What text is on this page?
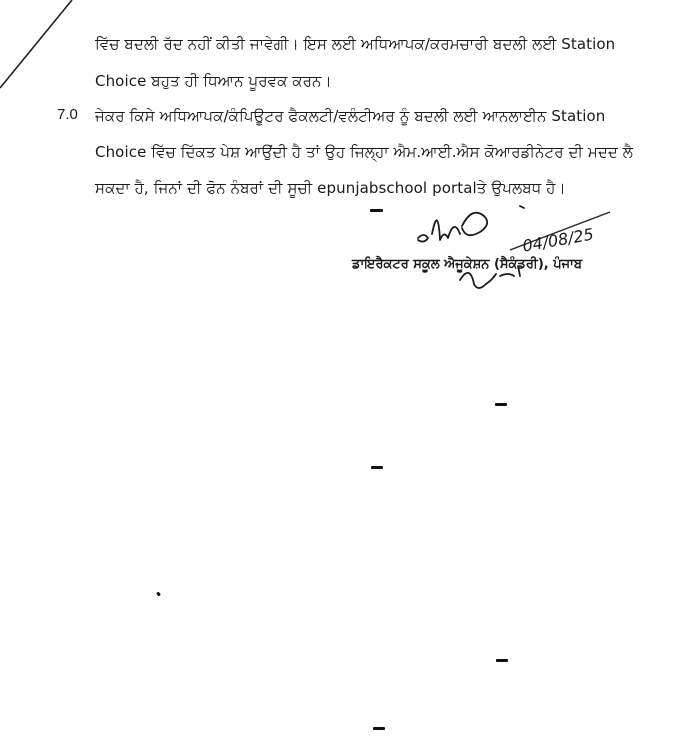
ਵਿੱਚ ਬਦਲੀ ਰੱਦ ਨਹੀਂ ਕੀਤੀ ਜਾਵੇਗੀ। ਇਸ ਲਈ ਅਧਿਆਪਕ/ਕਰਮਚਾਰੀ ਬਦਲੀ ਲਈ Station
Choice ਬਹੁਤ ਹੀ ਧਿਆਨ ਪੂਰਵਕ ਕਰਨ।
7.0 ਜੇਕਰ ਕਿਸੇ ਅਧਿਆਪਕ/ਕੰਪਿਊਟਰ ਫੈਕਲਟੀ/ਵਲੰਟੀਅਰ ਨੂੰ ਬਦਲੀ ਲਈ ਆਨਲਾਈਨ Station
Choice ਵਿੱਚ ਦਿੱਕਤ ਪੇਸ਼ ਆਉਂਦੀ ਹੈ ਤਾਂ ਉਹ ਜਿਲ੍ਹਾ ਐਮ.ਆਈ.ਐਸ ਕੋਆਰਡੀਨੇਟਰ ਦੀ ਮਦਦ ਲੈ
ਸਕਦਾ ਹੈ, ਜਿਨਾਂ ਦੀ ਫੋਨ ਨੰਬਰਾਂ ਦੀ ਸੂਚੀ epunjabschool portalਤੇ ਉਪਲਬਧ ਹੈ।
04/08/25
ਡਾਇਰੈਕਟਰ ਸਕੂਲ ਐਜੂਕੇਸ਼ਨ (ਸੈਕੰਡਰੀ), ਪੰਜਾਬ
